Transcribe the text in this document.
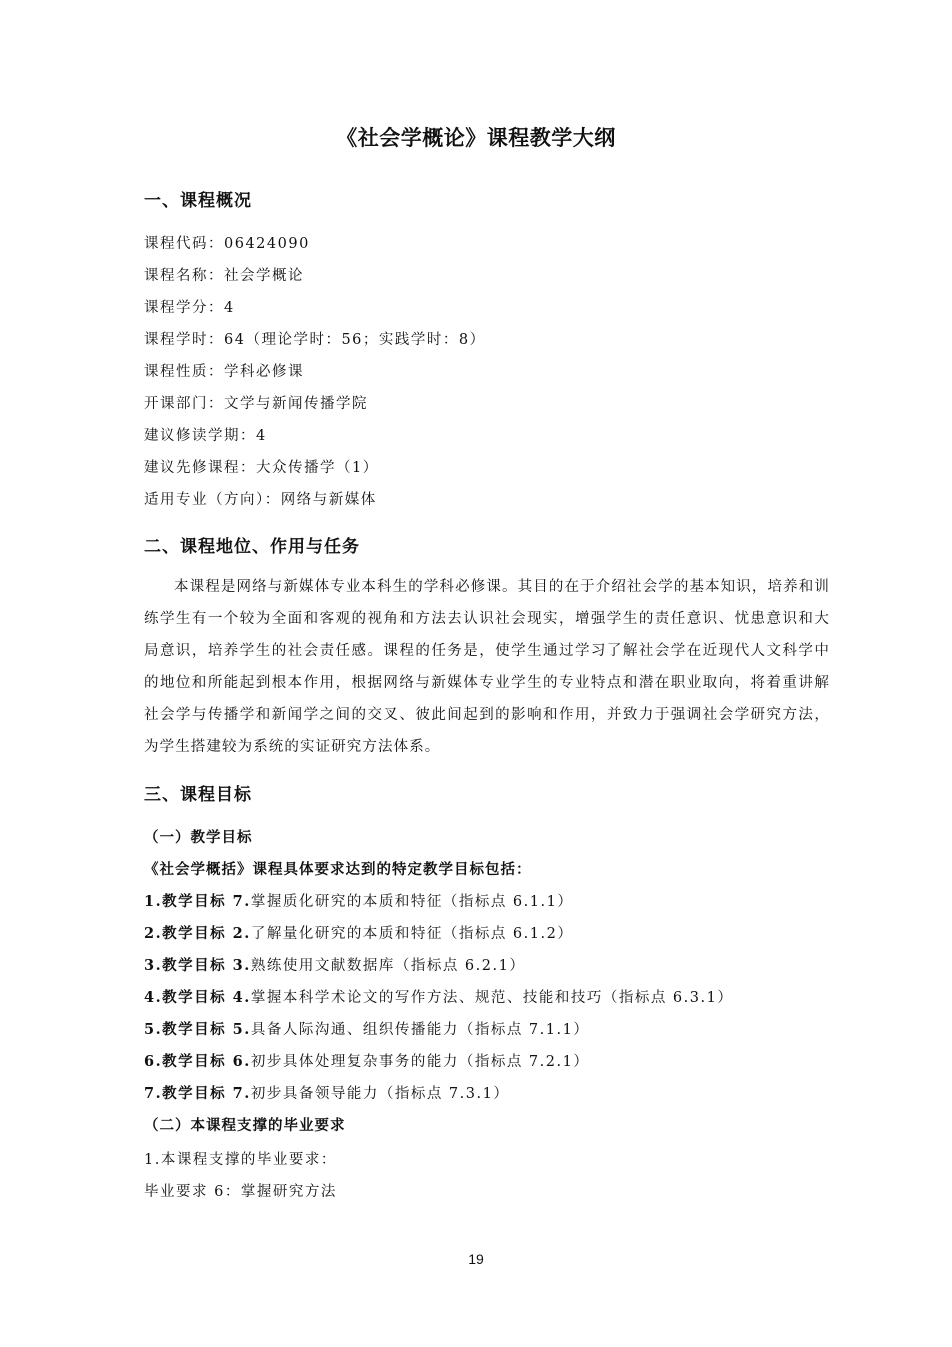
《社会学概论》课程教学大纲
一、课程概况
课程代码：06424090
课程名称：社会学概论
课程学分：4
课程学时：64（理论学时：56；实践学时：8）
课程性质：学科必修课
开课部门：文学与新闻传播学院
建议修读学期：4
建议先修课程：大众传播学（1）
适用专业（方向）：网络与新媒体
二、课程地位、作用与任务
本课程是网络与新媒体专业本科生的学科必修课。其目的在于介绍社会学的基本知识，培养和训练学生有一个较为全面和客观的视角和方法去认识社会现实，增强学生的责任意识、忧患意识和大局意识，培养学生的社会责任感。课程的任务是，使学生通过学习了解社会学在近现代人文科学中的地位和所能起到根本作用，根据网络与新媒体专业学生的专业特点和潜在职业取向，将着重讲解社会学与传播学和新闻学之间的交叉、彼此间起到的影响和作用，并致力于强调社会学研究方法，为学生搭建较为系统的实证研究方法体系。
三、课程目标
（一）教学目标
《社会学概括》课程具体要求达到的特定教学目标包括：
1.教学目标 7.掌握质化研究的本质和特征（指标点 6.1.1）
2.教学目标 2.了解量化研究的本质和特征（指标点 6.1.2）
3.教学目标 3.熟练使用文献数据库（指标点 6.2.1）
4.教学目标 4.掌握本科学术论文的写作方法、规范、技能和技巧（指标点 6.3.1）
5.教学目标 5.具备人际沟通、组织传播能力（指标点 7.1.1）
6.教学目标 6.初步具体处理复杂事务的能力（指标点 7.2.1）
7.教学目标 7.初步具备领导能力（指标点 7.3.1）
（二）本课程支撑的毕业要求
1.本课程支撑的毕业要求：
毕业要求 6：掌握研究方法
19
